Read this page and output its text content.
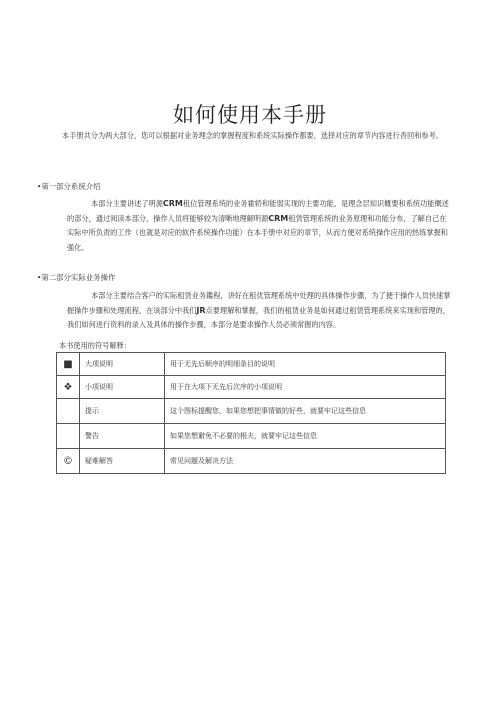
如何使用本手册
本手册共分为两大部分，您可以根据对业务理念的掌握程度和系统实际操作都要，选择对应的章节内容进行杳回和参考。
•第一部分系统介绍
本部分主要讲述了明源CRM租位管理系统的业务霍轿和能弱实现的主要功能，是理念层知识概要和系统功能概述的部分，通过阅读本部分，操作人员将能够较为清晰地理解明源CRM租赁管理系统的业务原理和功能分布，了解自己在实际中所负责的工作（也就是对应的软件系统操作功能）在本手册中对应的章节，从而方便对系统操作应用的热练掌握和强化。
•第二部分实际业务操作
本部分主要结合客户的实际租赁业务鑑程，讲好在租优管理系统中处理的具体操作步骤，为了便于操作人员快速掌握操作步骤和处理流程，在该部分中我们JR点要理解和掌握，我们的租赁业务是如何通过租赁管理系统来实现和管理的，我们如何进行资料的录入及具体的操作步骤，本部分是要求操作人员必须常握的内容。
本书使用的符号解释：
■	大项说明	用于无先后顺序的明细条目的说明
❖	小项说明	用于在大项下无先后次序的小项说明
	提示	这个图标提醒您，如果您想把事情做的好些，就要牢记这些信息
	警告	如果您想避免不必要的根夫，就要牢记这些信息
©	疑难解答	常见问題及解决方法
